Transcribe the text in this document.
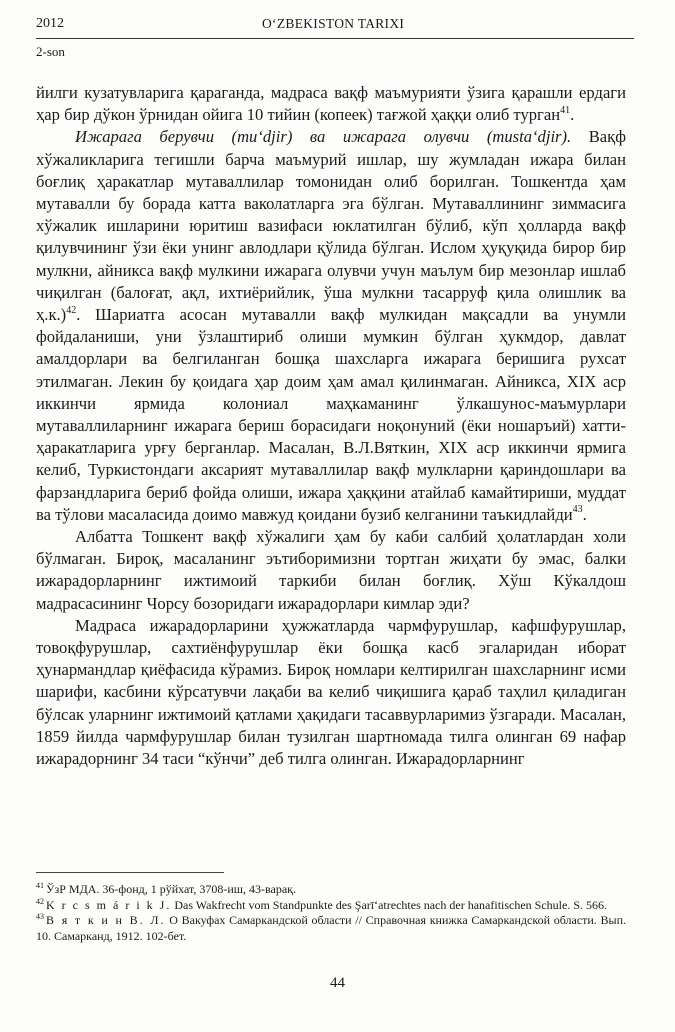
2012	O‘ZBEKISTON TARIXI
2-son

йилги кузатувларига қараганда, мадраса вақф маъмурияти ўзига қарашли ердаги ҳар бир дўкон ўрнидан ойига 10 тийин (копеек) тағжой ҳаққи олиб турган$^{41}$.

Ижарага берувчи (mu‘djir) ва ижарага олувчи (musta‘djir). Вақф хўжаликларига тегишли барча маъмурий ишлар, шу жумладан ижара билан боғлиқ ҳаракатлар мутаваллилар томонидан олиб борилган. Тошкентда ҳам мутавалли бу борада катта ваколатларга эга бўлган. Мутаваллининг зиммасига хўжалик ишларини юритиш вазифаси юклатилган бўлиб, кўп ҳолларда вақф қилувчининг ўзи ёки унинг авлодлари қўлида бўлган. Ислом ҳуқуқида бирор бир мулкни, айникса вақф мулкини ижарага олувчи учун маълум бир мезонлар ишлаб чиқилган (балоғат, ақл, ихтиёрийлик, ўша мулкни тасарруф қила олишлик ва ҳ.к.)$^{42}$. Шариатга асосан мутавалли вақф мулкидан мақсадли ва унумли фойдаланиши, уни ўзлаштириб олиши мумкин бўлган ҳукмдор, давлат амалдорлари ва белгиланган бошқа шахсларга ижарага беришига рухсат этилмаган. Лекин бу қоидага ҳар доим ҳам амал қилинмаган. Айникса, XIX аср иккинчи ярмида колониал маҳкаманинг ўлкашунос-маъмурлари мутаваллиларнинг ижарага бериш борасидаги ноқонуний (ёки ношаръий) хатти-ҳаракатларига урғу берганлар. Масалан, В.Л.Вяткин, XIX аср иккинчи ярмига келиб, Туркистондаги аксарият мутаваллилар вақф мулкларни қариндошлари ва фарзандларига бериб фойда олиши, ижара ҳаққини атайлаб камайтириши, муддат ва тўлови масаласида доимо мавжуд қоидани бузиб келганини таъкидлайди$^{43}$.

Албатта Тошкент вақф хўжалиги ҳам бу каби салбий ҳолатлардан холи бўлмаган. Бироқ, масаланинг эътиборимизни тортган жиҳати бу эмас, балки ижарадорларнинг ижтимоий таркиби билан боғлиқ. Хўш Кўкалдош мадрасасининг Чорсу бозоридаги ижарадорлари кимлар эди?

Мадраса ижарадорларини ҳужжатларда чармфурушлар, кафшфурушлар, товоқфурушлар, сахтиёнфурушлар ёки бошқа касб эгаларидан иборат ҳунармандлар қиёфасида кўрамиз. Бироқ номлари келтирилган шахсларнинг исми шарифи, касбини кўрсатувчи лақаби ва келиб чиқишига қараб таҳлил қиладиган бўлсак уларнинг ижтимоий қатлами ҳақидаги тасаввурларимиз ўзгаради. Масалан, 1859 йилда чармфурушлар билан тузилган шартномада тилга олинган 69 нафар ижарадорнинг 34 таси “кўнчи” деб тилга олинган. Ижарадорларнинг

$^{41}$ ЎзР МДА. 36-фонд, 1 рўйхат, 3708-иш, 43-варақ.

$^{42}$ K r c s m á r i k J. Das Wakfrecht vom Standpunkte des Şarī‘atrechtes nach der hanafitischen Schule. S. 566.

$^{43}$ В я т к и н В. Л. О Вакуфах Самаркандской области // Справочная книжка Самаркандской области. Вып. 10. Самарканд, 1912. 102-бет.

44
